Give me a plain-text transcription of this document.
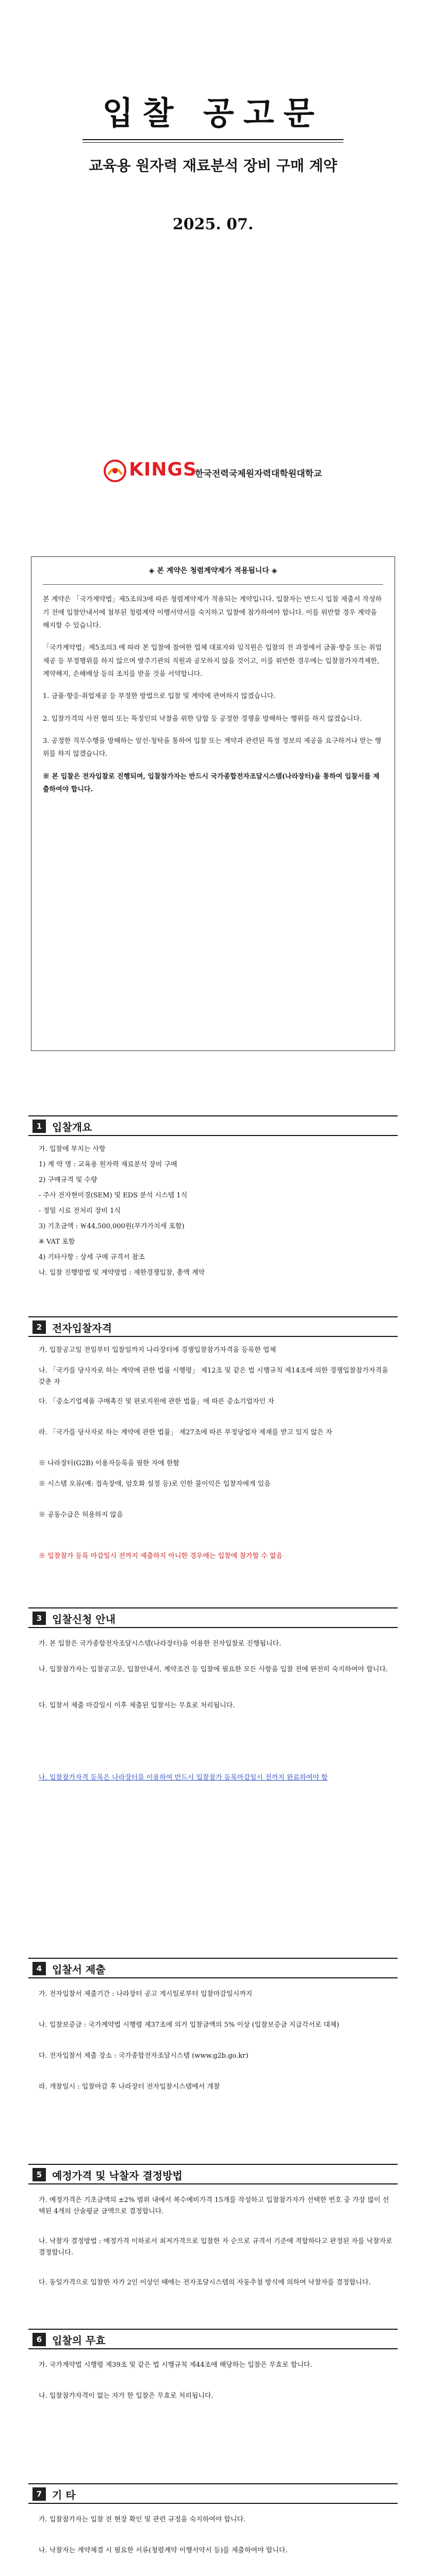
입찰 공고문
교육용 원자력 재료분석 장비 구매 계약
2025. 07.
KINGS
한국전력국제원자력대학원대학교
◈ 본 계약은 청렴계약제가 적용됩니다 ◈

본 계약은 「국가계약법」제5조의3에 따른 청렴계약제가 적용되는 계약입니다. 입찰자는 반드시 입찰 제출서 작성하기 전에 입찰안내서에 첨부된 청렴계약 이행서약서를 숙지하고 입찰에 참가하여야 합니다. 이를 위반할 경우 계약을 해지할 수 있습니다.

「국가계약법」제5조의3 에 따라 본 입찰에 참여한 업체 대표자와 임직원은 입찰의 전 과정에서 금품·향응 또는 취업제공 등 부정행위를 하지 않으며 발주기관의 직원과 공모하지 않을 것이고, 이를 위반한 경우에는 입찰참가자격제한, 계약해지, 손해배상 등의 조치를 받을 것을 서약합니다.

1. 금품·향응·취업제공 등 부정한 방법으로 입찰 및 계약에 관여하지 않겠습니다.

2. 입찰가격의 사전 협의 또는 특정인의 낙찰을 위한 담합 등 공정한 경쟁을 방해하는 행위를 하지 않겠습니다.

3. 공정한 직무수행을 방해하는 알선·청탁을 통하여 입찰 또는 계약과 관련된 특정 정보의 제공을 요구하거나 받는 행위를 하지 않겠습니다.

※ 본 입찰은 전자입찰로 진행되며, 입찰참가자는 반드시 국가종합전자조달시스템(나라장터)을 통하여 입찰서를 제출하여야 합니다.

1 입찰개요
가. 입찰에 부치는 사항
1) 계 약 명 : 교육용 원자력 재료분석 장비 구매
2) 구매규격 및 수량
- 주사 전자현미경(SEM) 및 EDS 분석 시스템 1식
- 정밀 시료 전처리 장비 1식
3) 기초금액 : ￦44,500,000원(부가가치세 포함)
※ VAT 포함
4) 기타사항 : 상세 구매 규격서 참조
나. 입찰 진행방법 및 계약방법 : 제한경쟁입찰, 총액 계약
2 전자입찰자격
가. 입찰공고일 전일부터 입찰일까지 나라장터에 경쟁입찰참가자격을 등록한 업체
나. 「국가를 당사자로 하는 계약에 관한 법률 시행령」 제12조 및 같은 법 시행규칙 제14조에 의한 경쟁입찰참가자격을 갖춘 자
다. 「중소기업제품 구매촉진 및 판로지원에 관한 법률」에 따른 중소기업자인 자
라. 「국가를 당사자로 하는 계약에 관한 법률」 제27조에 따른 부정당업자 제재를 받고 있지 않은 자
※ 나라장터(G2B) 이용자등록을 필한 자에 한함
※ 시스템 오류(예: 접속장애, 암호화 설정 등)로 인한 불이익은 입찰자에게 있음
※ 공동수급은 허용하지 않음
※ 입찰참가 등록 마감일시 전까지 제출하지 아니한 경우에는 입찰에 참가할 수 없음
3 입찰신청 안내
가. 본 입찰은 국가종합전자조달시스템(나라장터)을 이용한 전자입찰로 진행됩니다.
나. 입찰참가자는 입찰공고문, 입찰안내서, 계약조건 등 입찰에 필요한 모든 사항을 입찰 전에 완전히 숙지하여야 합니다.
다. 입찰서 제출 마감일시 이후 제출된 입찰서는 무효로 처리됩니다.
나. 입찰참가자격 등록은 나라장터를 이용하여 반드시 입찰참가 등록마감일시 전까지 완료하여야 함
4 입찰서 제출
가. 전자입찰서 제출기간 : 나라장터 공고 게시일로부터 입찰마감일시까지
나. 입찰보증금 : 국가계약법 시행령 제37조에 의거 입찰금액의 5% 이상 (입찰보증금 지급각서로 대체)
다. 전자입찰서 제출 장소 : 국가종합전자조달시스템 (www.g2b.go.kr)
라. 개찰일시 : 입찰마감 후 나라장터 전자입찰시스템에서 개찰
5 예정가격 및 낙찰자 결정방법
가. 예정가격은 기초금액의 ±2% 범위 내에서 복수예비가격 15개를 작성하고 입찰참가자가 선택한 번호 중 가장 많이 선택된 4개의 산술평균 금액으로 결정합니다.
나. 낙찰자 결정방법 : 예정가격 이하로서 최저가격으로 입찰한 자 순으로 규격서 기준에 적합하다고 판정된 자를 낙찰자로 결정합니다.
다. 동일가격으로 입찰한 자가 2인 이상인 때에는 전자조달시스템의 자동추첨 방식에 의하여 낙찰자를 결정합니다.
6 입찰의 무효
가. 국가계약법 시행령 제39조 및 같은 법 시행규칙 제44조에 해당하는 입찰은 무효로 합니다.
나. 입찰참가자격이 없는 자가 한 입찰은 무효로 처리됩니다.
7 기 타
가. 입찰참가자는 입찰 전 현장 확인 및 관련 규정을 숙지하여야 합니다.
나. 낙찰자는 계약체결 시 필요한 서류(청렴계약 이행서약서 등)를 제출하여야 합니다.
